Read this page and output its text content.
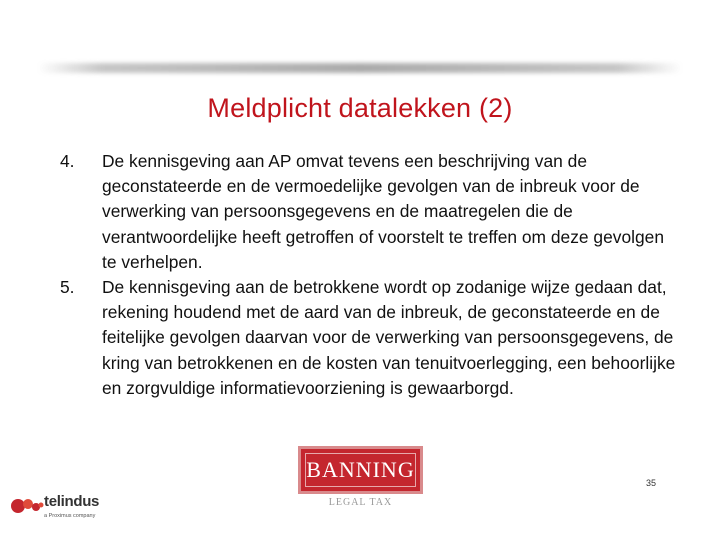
Meldplicht datalekken (2)
4.	De kennisgeving aan AP omvat tevens een beschrijving van de geconstateerde en de vermoedelijke gevolgen van de inbreuk voor de verwerking van persoonsgegevens en de maatregelen die de verantwoordelijke heeft getroffen of voorstelt te treffen om deze gevolgen te verhelpen.
5.	De kennisgeving aan de betrokkene wordt op zodanige wijze gedaan dat, rekening houdend met de aard van de inbreuk, de geconstateerde en de feitelijke gevolgen daarvan voor de verwerking van persoonsgegevens, de kring van betrokkenen en de kosten van tenuitvoerlegging, een behoorlijke en zorgvuldige informatievoorziening is gewaarborgd.
BANNING
LEGAL TAX
35
telindus
a Proximus company
